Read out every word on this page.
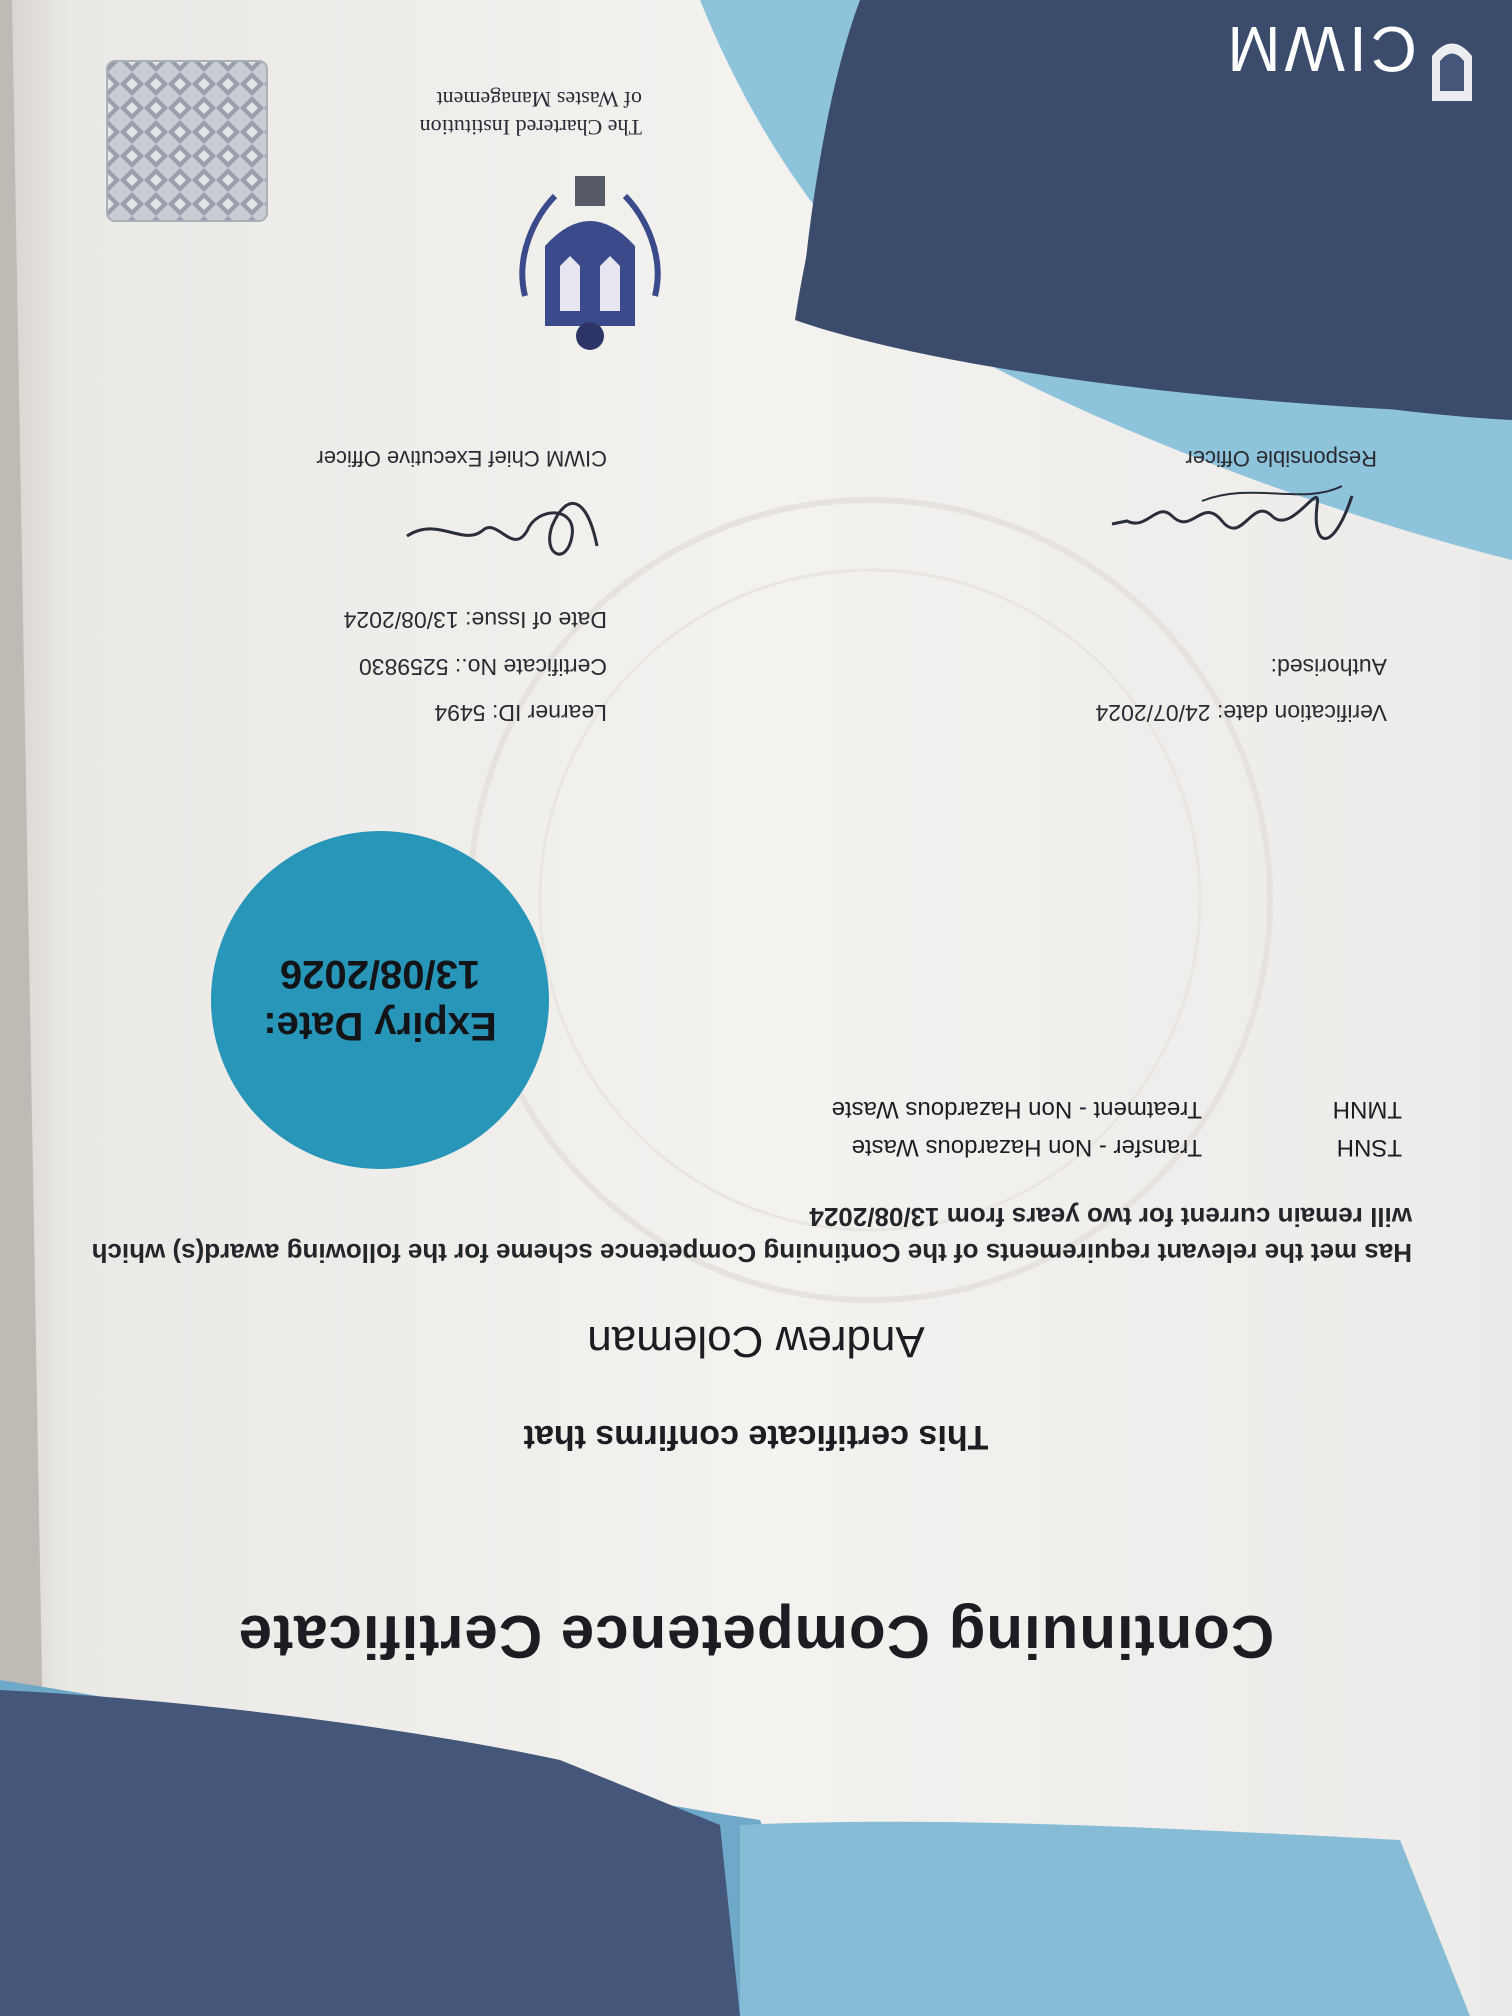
CIWM
Continuing Competence Certificate
This certificate confirms that
Andrew Coleman
Has met the relevant requirements of the Continuing Competence scheme for the following award(s) which will remain current for two years from 13/08/2024
TSNH
Transfer - Non Hazardous Waste
TMNH
Treatment - Non Hazardous Waste
Expiry Date:
13/08/2026
Verification date: 24/07/2024
Authorised:
Learner ID: 5494
Certificate No.: 5259830
Date of Issue: 13/08/2024
Responsible Officer
CIWM Chief Executive Officer
The Chartered Institution
of Wastes Management
